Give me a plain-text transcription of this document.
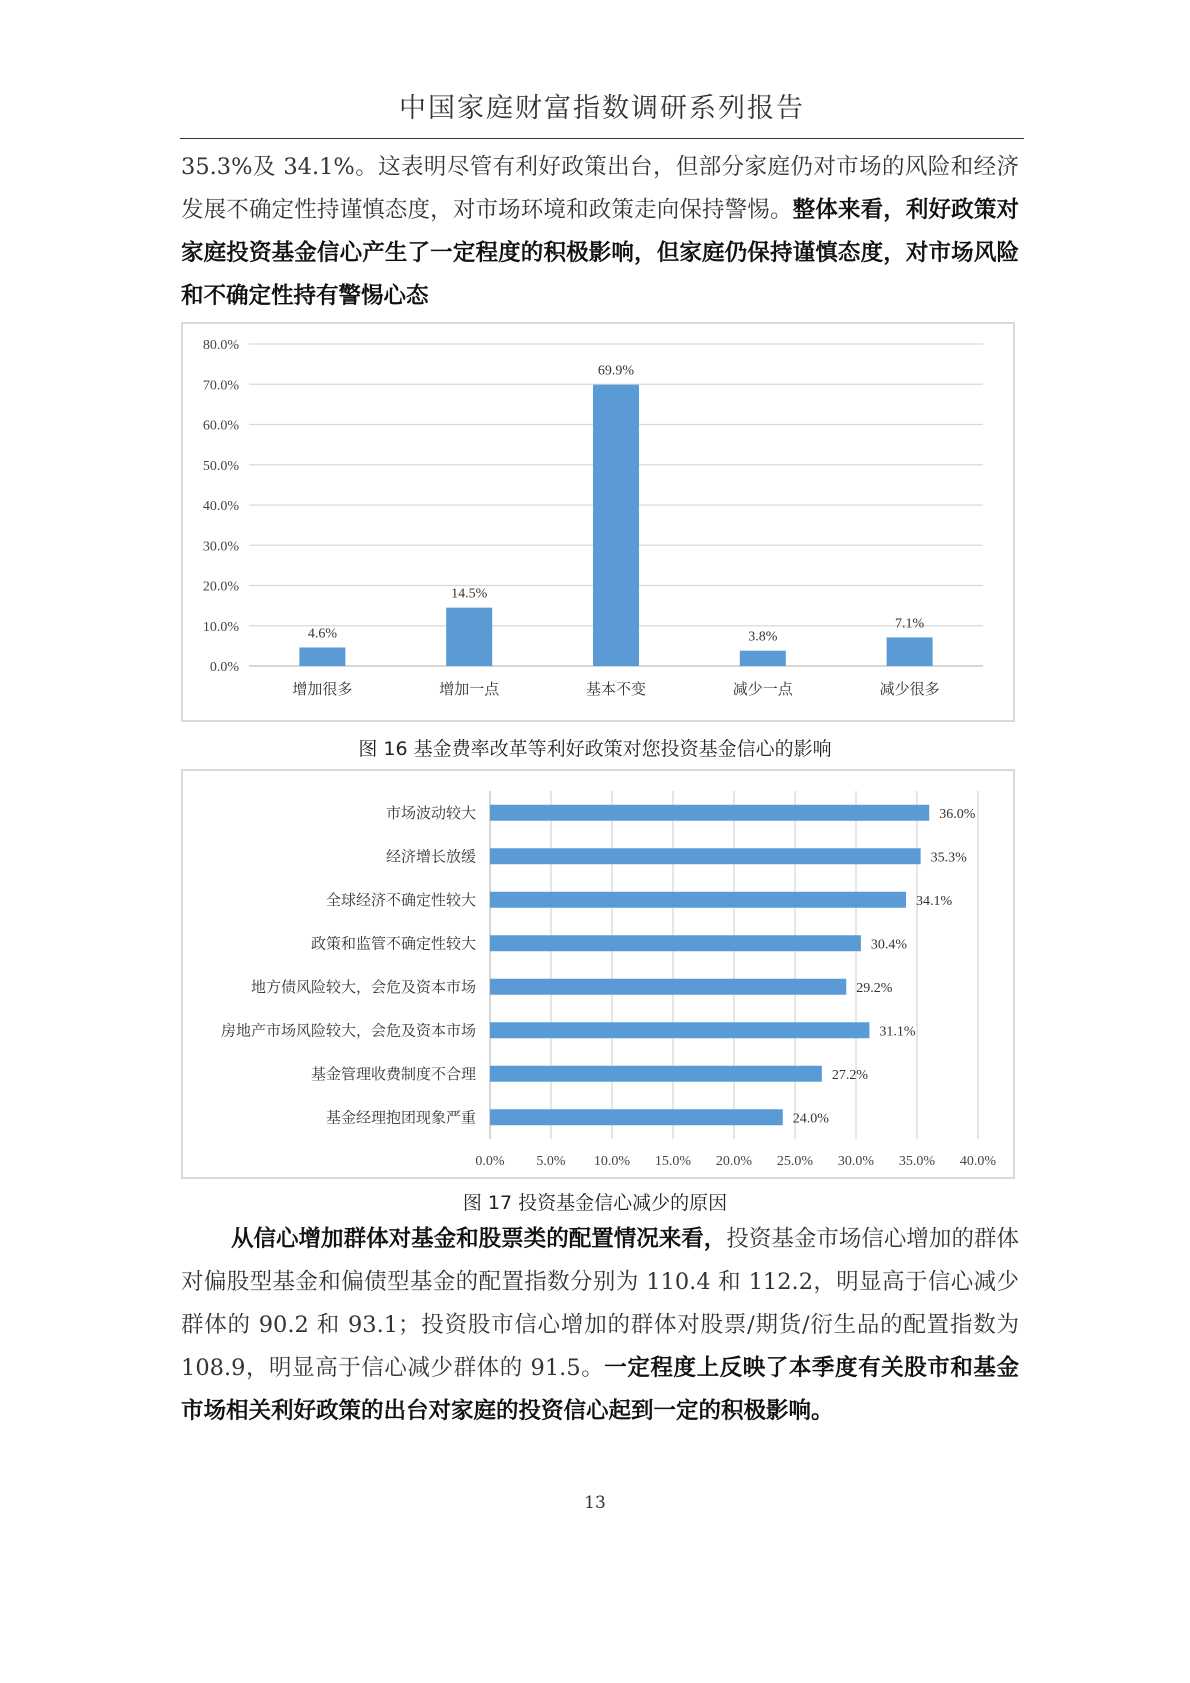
中国家庭财富指数调研系列报告

35.3%及 34.1%。这表明尽管有利好政策出台，但部分家庭仍对市场的风险和经济发展不确定性持谨慎态度，对市场环境和政策走向保持警惕。整体来看，利好政策对家庭投资基金信心产生了一定程度的积极影响，但家庭仍保持谨慎态度，对市场风险和不确定性持有警惕心态

0.0%
10.0%
20.0%
30.0%
40.0%
50.0%
60.0%
70.0%
80.0%
4.6%
增加很多
14.5%
增加一点
69.9%
基本不变
3.8%
减少一点
7.1%
减少很多
图 16 基金费率改革等利好政策对您投资基金信心的影响
0.0% 5.0% 10.0% 15.0% 20.0% 25.0% 30.0% 35.0% 40.0%
36.0%
市场波动较大
35.3%
经济增长放缓
34.1%
全球经济不确定性较大
30.4%
政策和监管不确定性较大
29.2%
地方债风险较大，会危及资本市场
31.1%
房地产市场风险较大，会危及资本市场
27.2%
基金管理收费制度不合理
24.0%
基金经理抱团现象严重
图 17 投资基金信心减少的原因

从信心增加群体对基金和股票类的配置情况来看，投资基金市场信心增加的群体对偏股型基金和偏债型基金的配置指数分别为 110.4 和 112.2，明显高于信心减少群体的 90.2 和 93.1；投资股市信心增加的群体对股票/期货/衍生品的配置指数为 108.9，明显高于信心减少群体的 91.5。一定程度上反映了本季度有关股市和基金市场相关利好政策的出台对家庭的投资信心起到一定的积极影响。

13
